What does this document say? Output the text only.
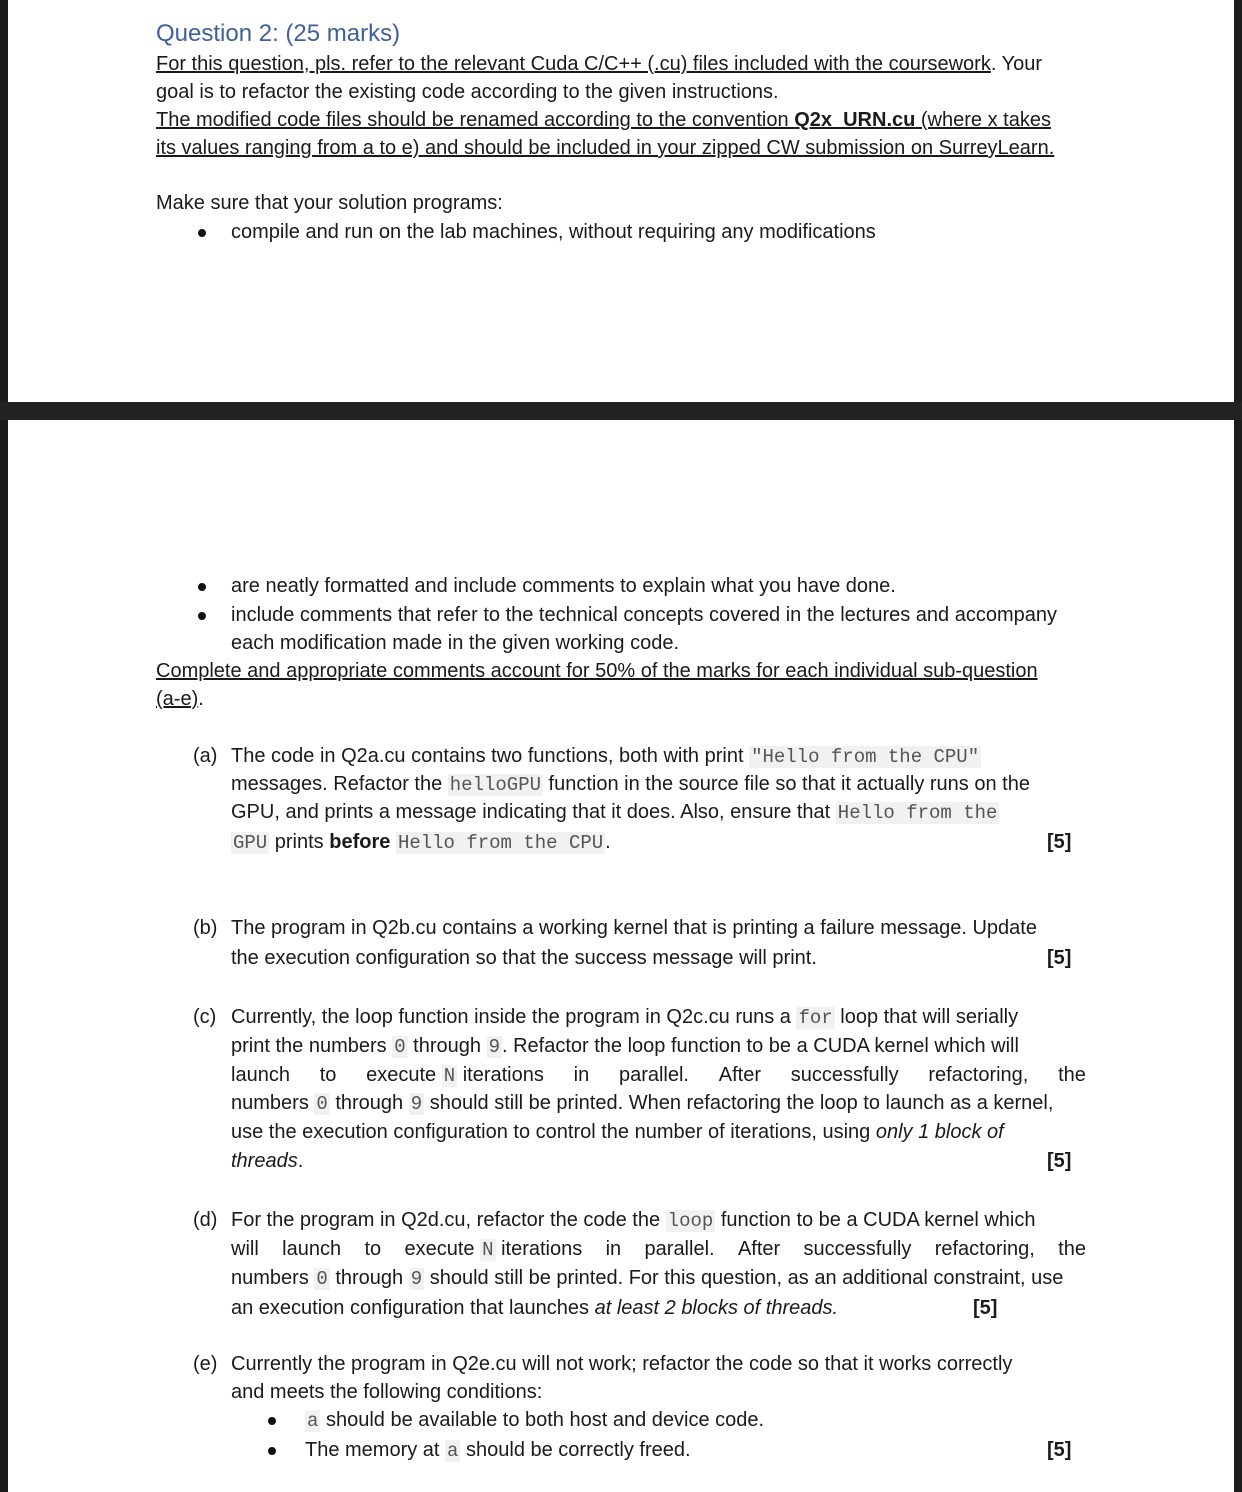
Question 2: (25 marks)
For this question, pls. refer to the relevant Cuda C/C++ (.cu) files included with the coursework. Your
goal is to refactor the existing code according to the given instructions.
The modified code files should be renamed according to the convention Q2x_URN.cu (where x takes
its values ranging from a to e) and should be included in your zipped CW submission on SurreyLearn.
Make sure that your solution programs:
compile and run on the lab machines, without requiring any modifications
are neatly formatted and include comments to explain what you have done.
include comments that refer to the technical concepts covered in the lectures and accompany
each modification made in the given working code.
Complete and appropriate comments account for 50% of the marks for each individual sub-question
(a-e).
(a) The code in Q2a.cu contains two functions, both with print "Hello from the CPU"
messages. Refactor the helloGPU function in the source file so that it actually runs on the
GPU, and prints a message indicating that it does. Also, ensure that Hello from the
GPU prints before Hello from the CPU .	[5]
(b) The program in Q2b.cu contains a working kernel that is printing a failure message. Update
the execution configuration so that the success message will print.	[5]
(c) Currently, the loop function inside the program in Q2c.cu runs a for loop that will serially
print the numbers 0 through 9 . Refactor the loop function to be a CUDA kernel which will
launch to execute N iterations in parallel. After successfully refactoring, the
numbers 0 through 9 should still be printed. When refactoring the loop to launch as a kernel,
use the execution configuration to control the number of iterations, using only 1 block of
threads.	[5]
(d) For the program in Q2d.cu, refactor the code the loop function to be a CUDA kernel which
will launch to execute N iterations in parallel. After successfully refactoring, the
numbers 0 through 9 should still be printed. For this question, as an additional constraint, use
an execution configuration that launches at least 2 blocks of threads.	[5]
(e) Currently the program in Q2e.cu will not work; refactor the code so that it works correctly
and meets the following conditions:
a should be available to both host and device code.
The memory at a should be correctly freed.	[5]
